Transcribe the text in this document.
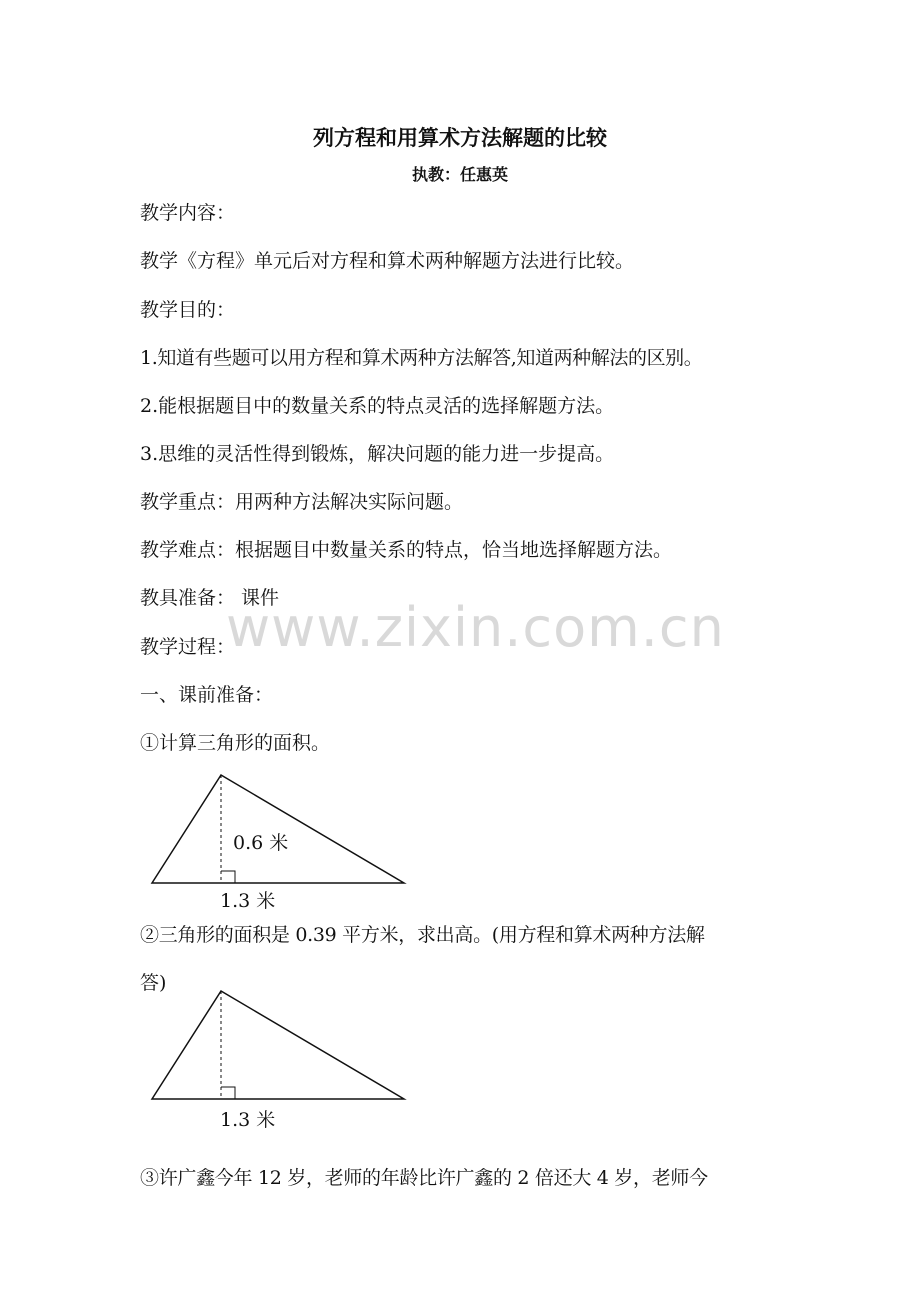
列方程和用算术方法解题的比较
执教：任惠英
教学内容：
教学《方程》单元后对方程和算术两种解题方法进行比较。
教学目的：
1.知道有些题可以用方程和算术两种方法解答,知道两种解法的区别。
2.能根据题目中的数量关系的特点灵活的选择解题方法。
3.思维的灵活性得到锻炼，解决问题的能力进一步提高。
教学重点：用两种方法解决实际问题。
教学难点：根据题目中数量关系的特点，恰当地选择解题方法。
教具准备： 课件
教学过程：
一、课前准备：
①计算三角形的面积。
www.zixin.com.cn
0.6 米
1.3 米
②三角形的面积是 0.39 平方米，求出高。(用方程和算术两种方法解
答)
1.3 米
③许广鑫今年 12 岁，老师的年龄比许广鑫的 2 倍还大 4 岁，老师今
